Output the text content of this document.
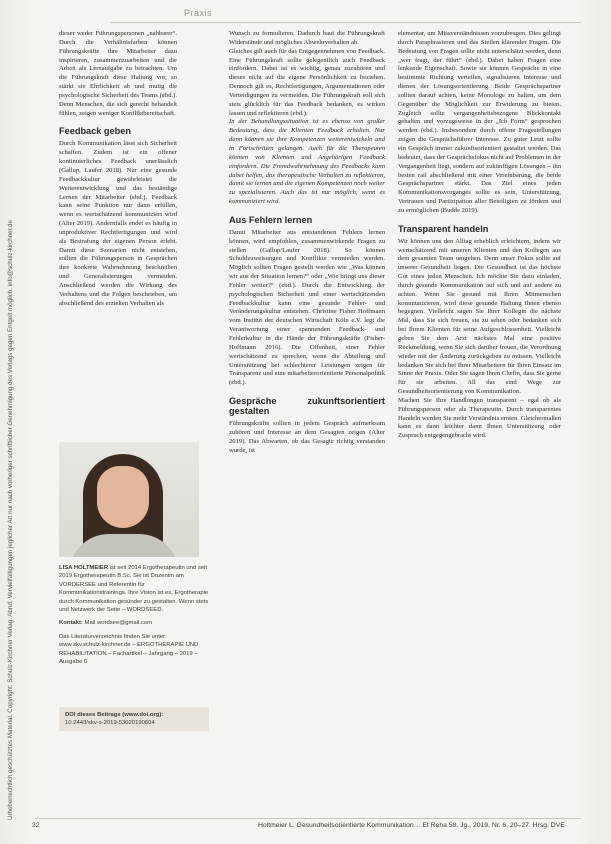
Praxis
Urheberrechtlich geschütztes Material. Copyright: Schulz-Kirchner Verlag. Abruf, Vervielfältigungen jeglicher Art nur nach vorheriger schriftlicher Genehmigung des Verlags gegen Entgelt möglich. info@schulz-kirchner.de

dieser weder Führungspersonen „nahbarer“. Durch die Verhältnisfarben können Führungskräfte ihre Mitarbeiter dazu inspirieren, zusammenzuarbeiten und die Arbeit als Lernaufgabe zu betrachten. Um die Führungskraft diese Haltung vor, so stärkt sie Ehrlichkeit ab und mutig die psychologische Sicherheit des Teams (ebd.). Denn Menschen, die sich gerecht behandelt fühlen, zeigen weniger Konfliktbereitschaft.

Feedback geben

Durch Kommunikation lässt sich Sicherheit schaffen. Zudem ist ein offener kontinuierliches Feedback unerlässlich (Gallup, Laufer 2018). Nur eine gesunde Feedbackkultur gewährleistet die Weiterentwicklung und das beständige Lernen der Mitarbeiter (ebd.). Feedback kann seine Funktion nur dann erfüllen, wenn es wertschätzend kommuniziert wird (Alter 2019). Andernfalls endet es häufig in unproduktiver Rechtfertigungen und wird als Bestrafung der eigenen Person erlebt. Damit diese Szenarien nicht entstehen, sollten die Führungsperson in Gesprächen ihre konkrete Wahrnehmung beschreiben und Generalisierungen vermeiden. Anschließend werden die Wirkung des Verhaltens und die Folgen beschrieben, um abschließend des erzielten Verhalten als

LISA HOLTMEIER ist seit 2014 Ergotherapeutin und seit 2019 Ergotherapeutin B.Sc. Sie ist Dozentin am VORDERSEE und Referentin für Kommunikationstrainings. Ihre Vision ist es, Ergotherapie durch Kommunikation gesünder zu gestalten. Wenn stets und Netzwerk der Seite – WORDSEED.

Kontakt: Mail wordsee@gmail.com

Das Literaturverzeichnis finden Sie unter: www.skv.schulz-kirchner.de – ERGOTHERAPIE UND REHABILITATION – Fachartikel – Jahrgang – 2019 – Ausgabe 6

DOI dieses Beitrags (www.doi.org):
10.2443/skv-s-2019-53020190604

Wunsch zu formulieren. Dadurch baut die Führungskraft Widerstände und mögliches Abwehrverhalten ab.

Gleiches gilt auch für das Entgegennehmen von Feedback. Eine Führungskraft sollte gelegentlich auch Feedback einfordern. Dabei ist es wichtig, genau zuzuhören und dieses nicht auf die eigene Persönlichkeit zu beziehen. Dennoch gilt es, Rechtfertigungen, Argumentationen oder Verteidigungen zu vermeiden. Die Führungskraft soll sich stets glücklich für das Feedback bedanken, es wirken lassen und reflektieren (ebd.).

In der Behandlungssituation ist es ebenso von großer Bedeutung, dass die Klienten Feedback erhalten. Nur dann können sie ihre Kompetenzen weiterentwickeln und in Fortschritten gelangen. Auch für die Therapeuten können von Klienten und Angehörigen Feedback einfordern. Die Fremdwahrnehmung des Feedbacks kann dabei helfen, das therapeutische Verhalten zu reflektieren, damit sie lernen und die eigenen Kompetenzen noch weiter zu spezialisieren. Auch das ist nur möglich, wenn es kommuniziert wird.

Aus Fehlern lernen

Damit Mitarbeiter aus entstandenen Fehlern lernen können, wird empfohlen, zusammenwirkende Fragen zu stellen (Gallup/Laufer 2018). So können Schuldzuweisungen und Konflikte vermieden werden. Möglich sollten Fragen gestellt werden wie „Was können wir aus der Situation lernen?“ oder „Wie bringt uns dieser Fehler weiter?“ (ebd.). Durch die Entwicklung der psychologischen Sicherheit und einer wertschätzenden Feedbackkultur kann eine gesunde Fehler- und Veränderungskultur entstehen. Christine Fisher Hoffmann vom Institut der deutschen Wirtschaft Köln e.V. legt die Verantwortung einer spannenden Feedback- und Fehlerkultur in die Hände der Führungskräfte (Fisher-Hoffmann 2016). Die Offenheit, einer Fehler wertschätzend zu sprechen, wenn die Abteilung und Unterstützung bei schlechterer Leistungen zeigen für Transparenz und eine mitarbeiterorientierte Personalpolitik (ebd.).

Gespräche zukunftsorientiert gestalten

Führungskräfte sollten in jedem Gespräch aufmerksam zuhören und Interesse an dem Gesagten zeigen (Alter 2019). Das Abwarten, ob das Gesagte richtig verstanden wurde, ist

elementar, um Missverständnissen vorzubeugen. Dies gelingt durch Paraphrasieren und das Stellen klärender Fragen. Die Bedeutung von Fragen sollte nicht unterschätzt werden, denn „wer fragt, der führt“ (ebd.). Dabei haben Fragen eine lenkende Eigenschaft. Sowie sie können Gespräche in eine bestimmte Richtung verteilen, signalisieren Interesse und dienen der Lösungsorientierung. Beide Gesprächspartner sollten darauf achten, keine Monologe zu halten, um dem Gegenüber die Möglichkeit zur Erwiderung zu bieten. Zugleich sollte vergangenheitsbezogene Blickkontakt gehalten und vorzugsweise in der „Ich Form“ gesprochen werden (ebd.). Insbesondere durch offene Fragestellungen zeigen die Gesprächsführer Interesse. Zu guter Letzt sollte ein Gespräch immer zukunftsorientiert gestaltet werden. Das bedeutet, dass der Gesprächsfokus nicht auf Problemen in der Vergangenheit liegt, sondern auf zukünftigen Lösungen – ihn besten rail abschließend mit einer Vereinbarung, die beide Gesprächspartner stärkt. Das Ziel eines jeden Kommunikationsvorganges sollte es sein, Unterstützung, Vertrauen und Partizipation aller Beteiligten zu fördern und zu ermöglichen (Budde 2019).

Transparent handeln

Wir können uns den Alltag erheblich erleichtern, indem wir wertschätzend mit unseren Klienten und den Kollegen aus dem gesamten Team umgehen. Denn unser Fokus sollte auf unserer Gesundheit liegen. Die Gesundheit ist das höchste Gut eines jeden Menschen. Ich möchte Sie dazu einladen, durch gesunde Kommunikation auf sich und auf andere zu achten. Wenn Sie gesund mit Ihren Mitmenschen kommunizieren, wird diese gesunde Haltung Ihnen ebenso begegnen. Vielleicht sagen Sie Ihrer Kollegin die nächste Mal, dass Sie sich freuen, sie zu sehen oder bedanken sich bei Ihrem Klienten für seine Aufgeschlossenheit. Vielleicht geben Sie dem Arzt nächstes Mal eine positive Rückmeldung, wenn Sie sich darüber freuen, die Verordnung wieder mit der Änderung zurückgeben zu müssen. Vielleicht bedanken Sie sich bei Ihrer Mitarbeitern für Ihren Einsatz im Sinne der Praxis. Oder Sie sagen Ihren Chefin, dass Sie gerne für sie arbeiten. All das sind Wege zur Gesundheitsorientierung von Kommunikation.

Machen Sie Ihre Handlungen transparent – egal ob als Führungsperson oder als Therapeutin. Durch transparentes Handeln werden Sie mehr Verständnis ernten. Gleichermaßen kann es dann leichter dann Ihnen Unterstützung oder Zuspruch entgegengebracht wird.

32	Holtmeier L. Gesundheitsorientierte Kommunikation… Et Reha 58. Jg., 2019, Nr. 6, 20–27. Hrsg. DVE
